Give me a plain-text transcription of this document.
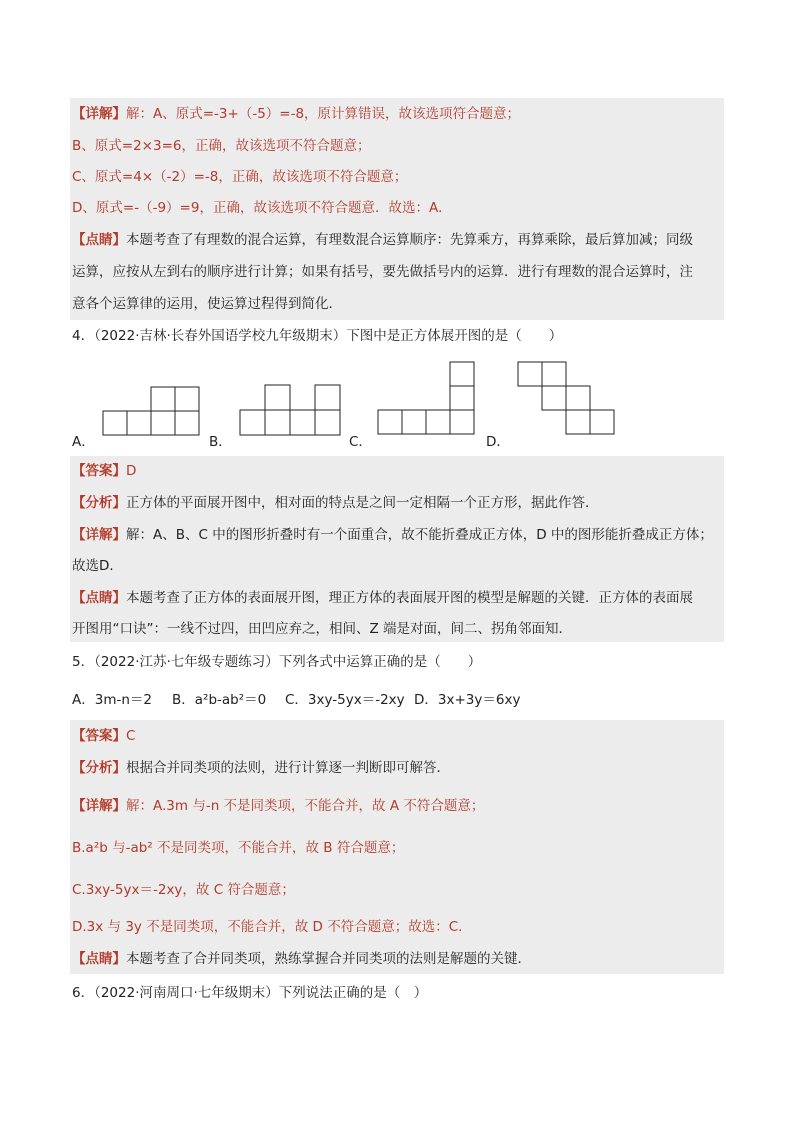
【详解】解：A、原式=-3+（-5）=-8，原计算错误，故该选项符合题意；
B、原式=2×3=6，正确，故该选项不符合题意；
C、原式=4×（-2）=-8，正确，故该选项不符合题意；
D、原式=-（-9）=9，正确，故该选项不符合题意．故选：A．
【点睛】本题考查了有理数的混合运算，有理数混合运算顺序：先算乘方，再算乘除，最后算加减；同级
运算，应按从左到右的顺序进行计算；如果有括号，要先做括号内的运算．进行有理数的混合运算时，注
意各个运算律的运用，使运算过程得到简化．
4．（2022·吉林·长春外国语学校九年级期末）下图中是正方体展开图的是（　　）
A．	B．	C．	D．
【答案】D
【分析】正方体的平面展开图中，相对面的特点是之间一定相隔一个正方形，据此作答．
【详解】解：A、B、C 中的图形折叠时有一个面重合，故不能折叠成正方体，D 中的图形能折叠成正方体；
故选D．
【点睛】本题考查了正方体的表面展开图，理正方体的表面展开图的模型是解题的关键．正方体的表面展
开图用“口诀”：一线不过四，田凹应弃之，相间、Z 端是对面，间二、拐角邻面知．
5．（2022·江苏·七年级专题练习）下列各式中运算正确的是（　　）
A．3m-n＝2 B．a²b-ab²＝0 C．3xy-5yx＝-2xy D．3x+3y＝6xy
【答案】C
【分析】根据合并同类项的法则，进行计算逐一判断即可解答．
【详解】解：A.3m 与-n 不是同类项，不能合并，故 A 不符合题意；
B.a²b 与-ab² 不是同类项，不能合并，故 B 符合题意；
C.3xy-5yx＝-2xy，故 C 符合题意；
D.3x 与 3y 不是同类项，不能合并，故 D 不符合题意；故选：C．
【点睛】本题考查了合并同类项，熟练掌握合并同类项的法则是解题的关键．
6．（2022·河南周口·七年级期末）下列说法正确的是（　）
